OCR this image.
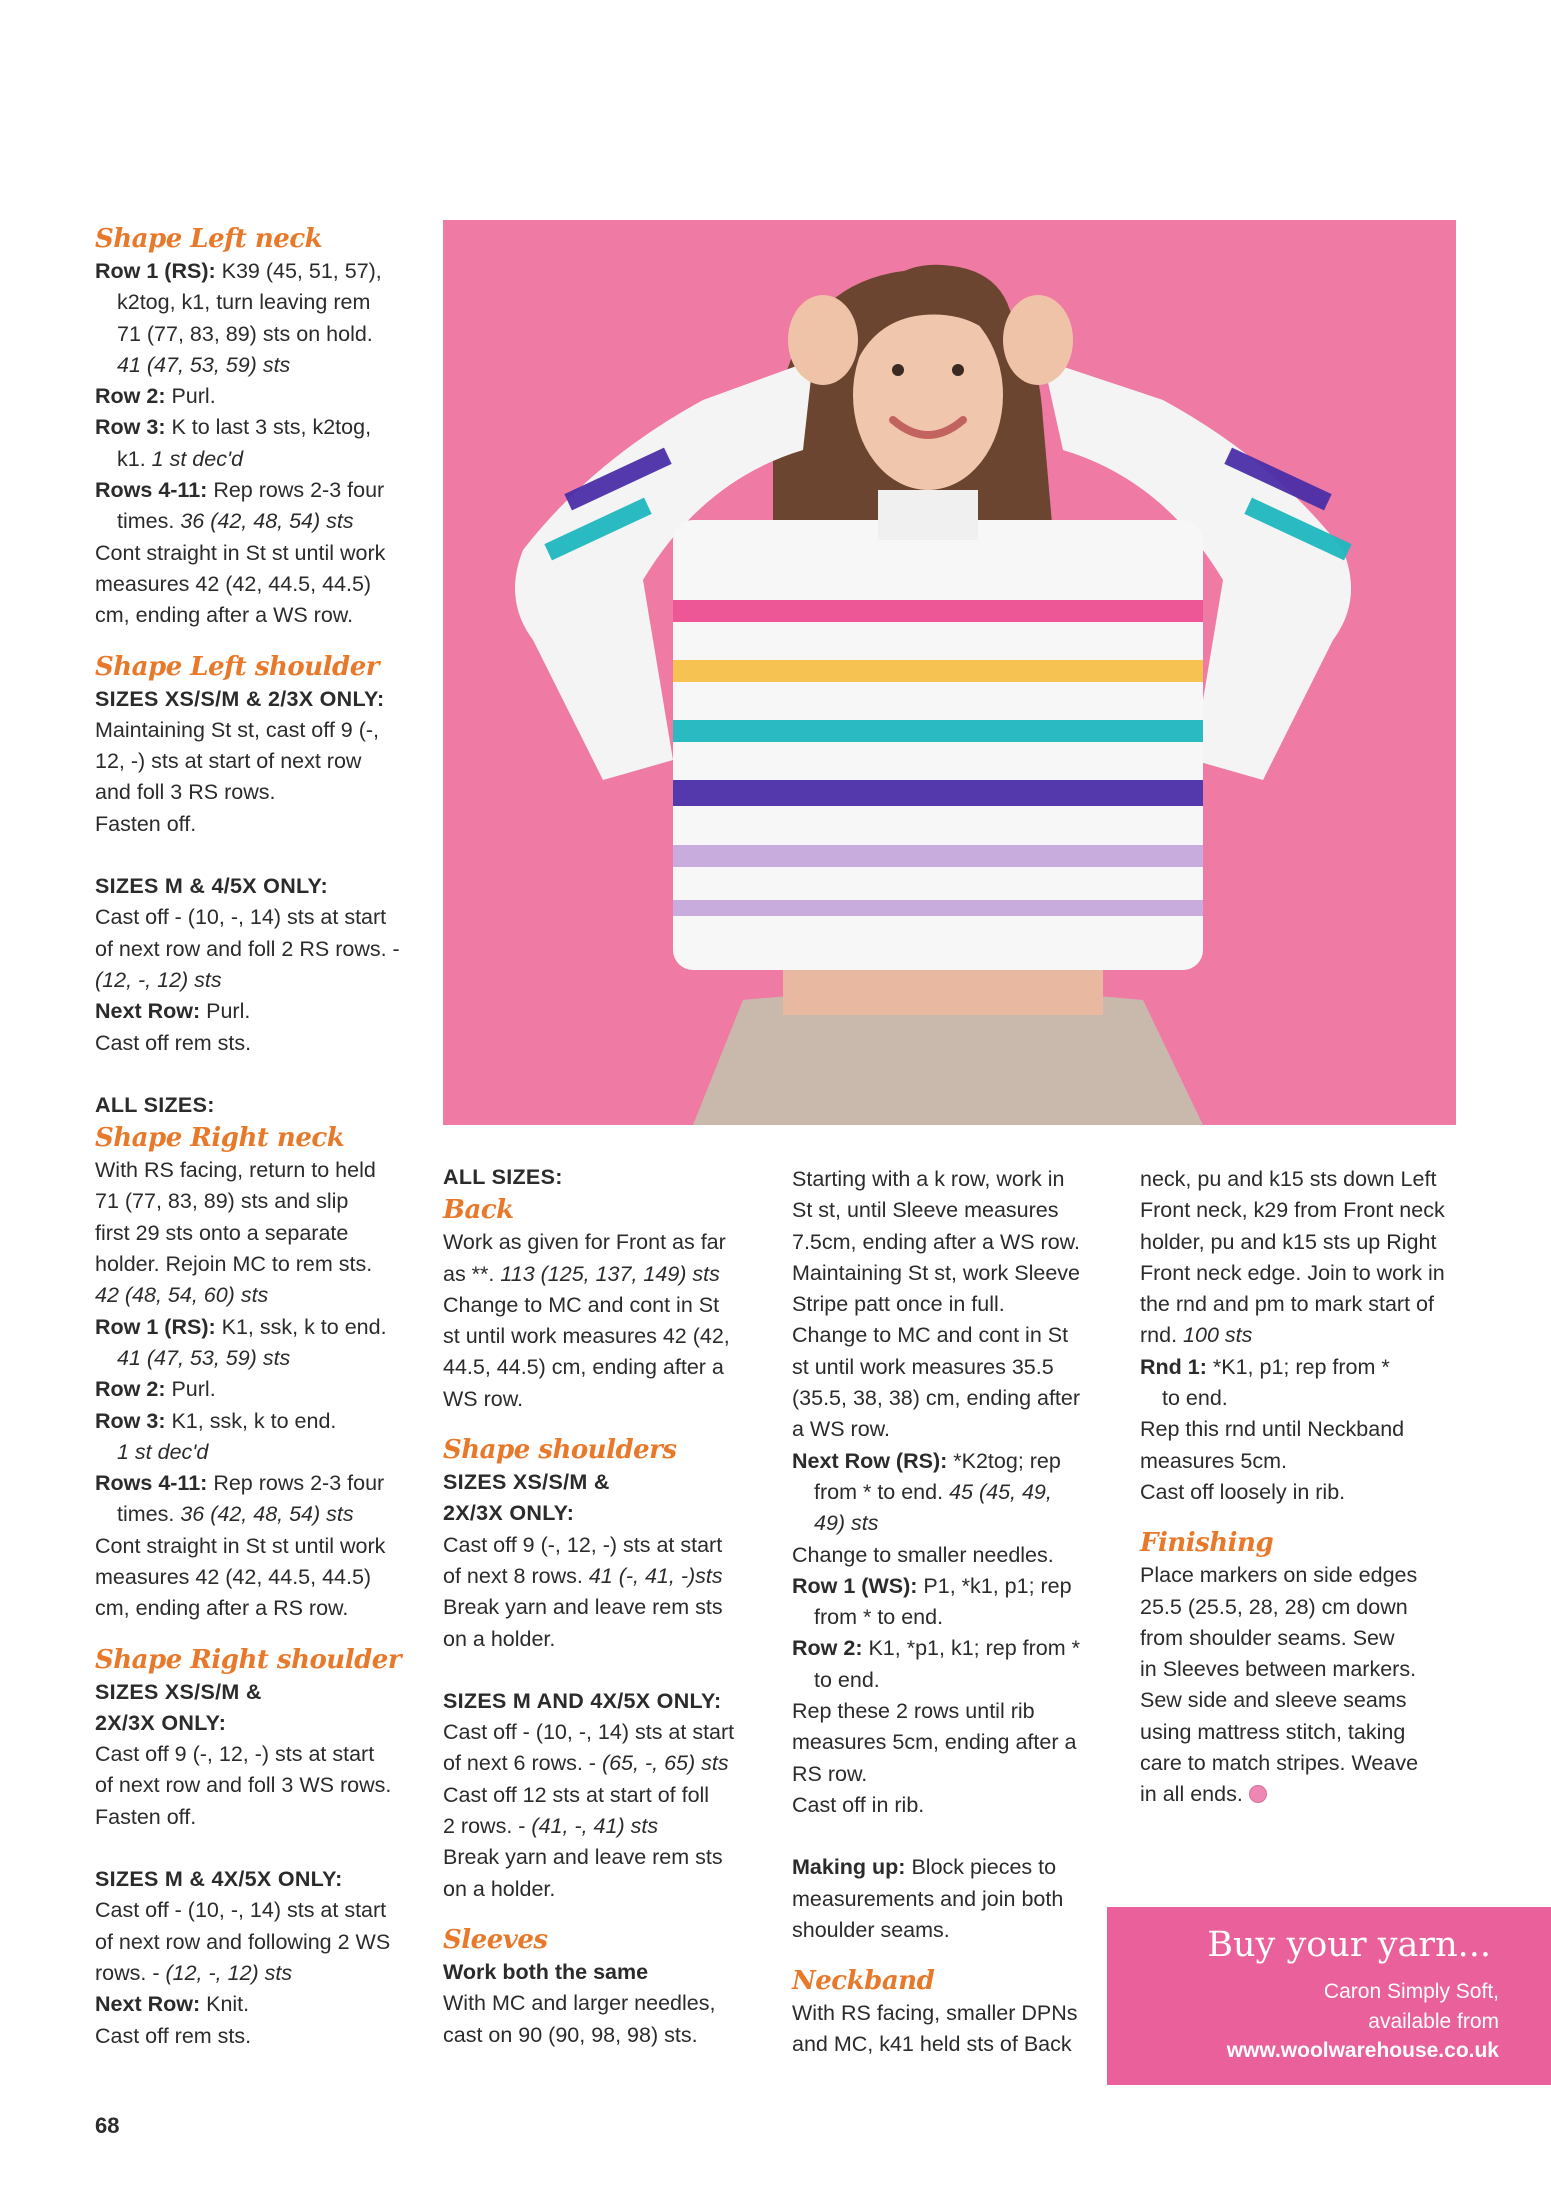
Shape Left neck

Row 1 (RS): K39 (45, 51, 57),

k2tog, k1, turn leaving rem

71 (77, 83, 89) sts on hold.

41 (47, 53, 59) sts

Row 2: Purl.

Row 3: K to last 3 sts, k2tog,

k1. 1 st dec'd

Rows 4-11: Rep rows 2-3 four

times. 36 (42, 48, 54) sts

Cont straight in St st until work

measures 42 (42, 44.5, 44.5)

cm, ending after a WS row.

Shape Left shoulder

SIZES XS/S/M & 2/3X ONLY:

Maintaining St st, cast off 9 (-,

12, -) sts at start of next row

and foll 3 RS rows.

Fasten off.

SIZES M & 4/5X ONLY:

Cast off - (10, -, 14) sts at start

of next row and foll 2 RS rows. -

(12, -, 12) sts

Next Row: Purl.

Cast off rem sts.

ALL SIZES:

Shape Right neck

With RS facing, return to held

71 (77, 83, 89) sts and slip

first 29 sts onto a separate

holder. Rejoin MC to rem sts.

42 (48, 54, 60) sts

Row 1 (RS): K1, ssk, k to end.

41 (47, 53, 59) sts

Row 2: Purl.

Row 3: K1, ssk, k to end.

1 st dec'd

Rows 4-11: Rep rows 2-3 four

times. 36 (42, 48, 54) sts

Cont straight in St st until work

measures 42 (42, 44.5, 44.5)

cm, ending after a RS row.

Shape Right shoulder

SIZES XS/S/M &

2X/3X ONLY:

Cast off 9 (-, 12, -) sts at start

of next row and foll 3 WS rows.

Fasten off.

SIZES M & 4X/5X ONLY:

Cast off - (10, -, 14) sts at start

of next row and following 2 WS

rows. - (12, -, 12) sts

Next Row: Knit.

Cast off rem sts.

ALL SIZES:

Back

Work as given for Front as far

as **. 113 (125, 137, 149) sts

Change to MC and cont in St

st until work measures 42 (42,

44.5, 44.5) cm, ending after a

WS row.

Shape shoulders

SIZES XS/S/M &

2X/3X ONLY:

Cast off 9 (-, 12, -) sts at start

of next 8 rows. 41 (-, 41, -)sts

Break yarn and leave rem sts

on a holder.

SIZES M AND 4X/5X ONLY:

Cast off - (10, -, 14) sts at start

of next 6 rows. - (65, -, 65) sts

Cast off 12 sts at start of foll

2 rows. - (41, -, 41) sts

Break yarn and leave rem sts

on a holder.

Sleeves

Work both the same

With MC and larger needles,

cast on 90 (90, 98, 98) sts.

Starting with a k row, work in

St st, until Sleeve measures

7.5cm, ending after a WS row.

Maintaining St st, work Sleeve

Stripe patt once in full.

Change to MC and cont in St

st until work measures 35.5

(35.5, 38, 38) cm, ending after

a WS row.

Next Row (RS): *K2tog; rep

from * to end. 45 (45, 49,

49) sts

Change to smaller needles.

Row 1 (WS): P1, *k1, p1; rep

from * to end.

Row 2: K1, *p1, k1; rep from *

to end.

Rep these 2 rows until rib

measures 5cm, ending after a

RS row.

Cast off in rib.

Making up: Block pieces to

measurements and join both

shoulder seams.

Neckband

With RS facing, smaller DPNs

and MC, k41 held sts of Back

neck, pu and k15 sts down Left

Front neck, k29 from Front neck

holder, pu and k15 sts up Right

Front neck edge. Join to work in

the rnd and pm to mark start of

rnd. 100 sts

Rnd 1: *K1, p1; rep from *

to end.

Rep this rnd until Neckband

measures 5cm.

Cast off loosely in rib.

Finishing

Place markers on side edges

25.5 (25.5, 28, 28) cm down

from shoulder seams. Sew

in Sleeves between markers.

Sew side and sleeve seams

using mattress stitch, taking

care to match stripes. Weave

in all ends.

Buy your yarn...
Caron Simply Soft,
available from
www.woolwarehouse.co.uk
68
